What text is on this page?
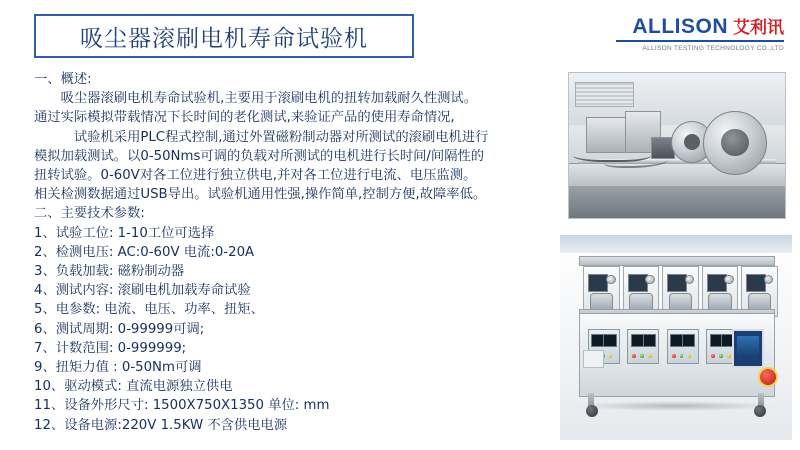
吸尘器滚刷电机寿命试验机	ALLISON 艾利讯
ALLISON TESTING TECHNOLOGY CO.,LTD

一、概述:

吸尘器滚刷电机寿命试验机,主要用于滚刷电机的扭转加载耐久性测试。

通过实际模拟带载情况下长时间的老化测试,来验证产品的使用寿命情况,

试验机采用PLC程式控制,通过外置磁粉制动器对所测试的滚刷电机进行

模拟加载测试。以0-50Nms可调的负载对所测试的电机进行长时间/间隔性的

扭转试验。0-60V对各工位进行独立供电,并对各工位进行电流、电压监测。

相关检测数据通过USB导出。试验机通用性强,操作简单,控制方便,故障率低。

二、主要技术参数:

1、试验工位: 1-10工位可选择

2、检测电压: AC:0-60V 电流:0-20A

3、负载加载: 磁粉制动器

4、测试内容: 滚刷电机加载寿命试验

5、电参数: 电流、电压、功率、扭矩、

6、测试周期: 0-99999可调;

7、计数范围: 0-999999;

9、扭矩力值 : 0-50Nm可调

10、驱动模式: 直流电源独立供电

11、设备外形尺寸: 1500X750X1350 单位: mm

12、设备电源:220V 1.5KW 不含供电电源
